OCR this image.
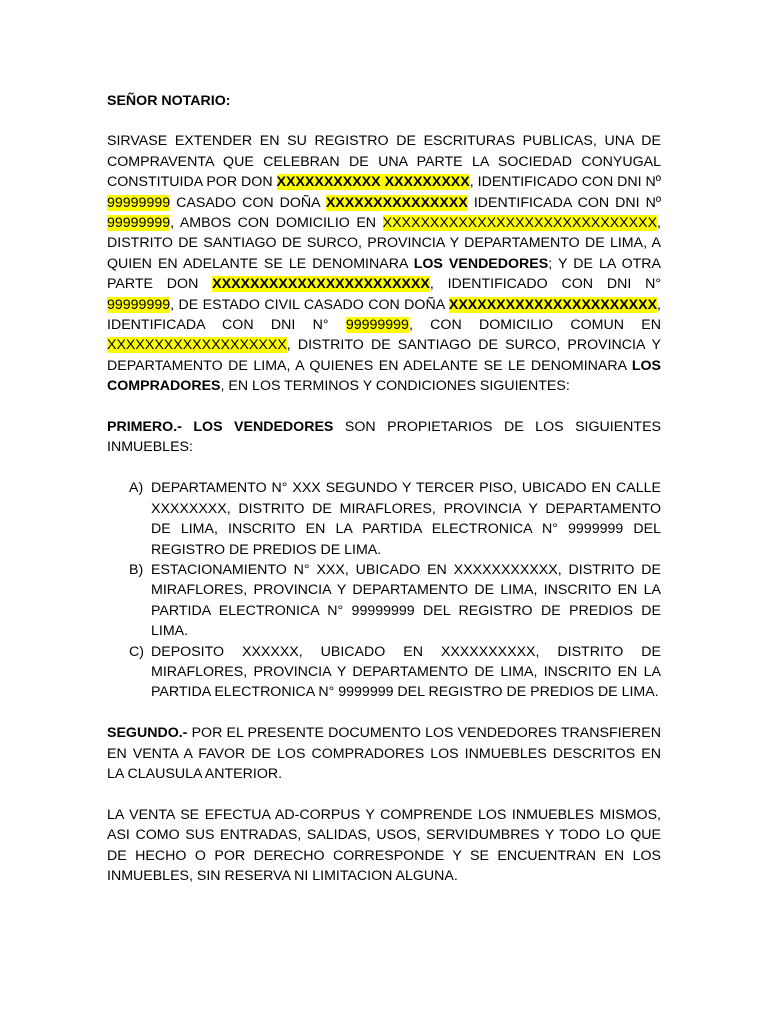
SEÑOR NOTARIO:

SIRVASE EXTENDER EN SU REGISTRO DE ESCRITURAS PUBLICAS, UNA DE COMPRAVENTA QUE CELEBRAN DE UNA PARTE LA SOCIEDAD CONYUGAL CONSTITUIDA POR DON XXXXXXXXXXX XXXXXXXXX, IDENTIFICADO CON DNI Nº 99999999 CASADO CON DOÑA XXXXXXXXXXXXXXX IDENTIFICADA CON DNI Nº 99999999, AMBOS CON DOMICILIO EN XXXXXXXXXXXXXXXXXXXXXXXXXXXXX, DISTRITO DE SANTIAGO DE SURCO, PROVINCIA Y DEPARTAMENTO DE LIMA, A QUIEN EN ADELANTE SE LE DENOMINARA LOS VENDEDORES; Y DE LA OTRA PARTE DON XXXXXXXXXXXXXXXXXXXXXXX, IDENTIFICADO CON DNI N° 99999999, DE ESTADO CIVIL CASADO CON DOÑA XXXXXXXXXXXXXXXXXXXXXX, IDENTIFICADA CON DNI N° 99999999, CON DOMICILIO COMUN EN XXXXXXXXXXXXXXXXXXX, DISTRITO DE SANTIAGO DE SURCO, PROVINCIA Y DEPARTAMENTO DE LIMA, A QUIENES EN ADELANTE SE LE DENOMINARA LOS COMPRADORES, EN LOS TERMINOS Y CONDICIONES SIGUIENTES:

PRIMERO.- LOS VENDEDORES SON PROPIETARIOS DE LOS SIGUIENTES INMUEBLES:

A) DEPARTAMENTO N° XXX SEGUNDO Y TERCER PISO, UBICADO EN CALLE XXXXXXXX, DISTRITO DE MIRAFLORES, PROVINCIA Y DEPARTAMENTO DE LIMA, INSCRITO EN LA PARTIDA ELECTRONICA N° 9999999 DEL REGISTRO DE PREDIOS DE LIMA.
B) ESTACIONAMIENTO N° XXX, UBICADO EN XXXXXXXXXXX, DISTRITO DE MIRAFLORES, PROVINCIA Y DEPARTAMENTO DE LIMA, INSCRITO EN LA PARTIDA ELECTRONICA N° 99999999 DEL REGISTRO DE PREDIOS DE LIMA.
C) DEPOSITO XXXXXX, UBICADO EN XXXXXXXXXX, DISTRITO DE MIRAFLORES, PROVINCIA Y DEPARTAMENTO DE LIMA, INSCRITO EN LA PARTIDA ELECTRONICA N° 9999999 DEL REGISTRO DE PREDIOS DE LIMA.

SEGUNDO.- POR EL PRESENTE DOCUMENTO LOS VENDEDORES TRANSFIEREN EN VENTA A FAVOR DE LOS COMPRADORES LOS INMUEBLES DESCRITOS EN LA CLAUSULA ANTERIOR.

LA VENTA SE EFECTUA AD-CORPUS Y COMPRENDE LOS INMUEBLES MISMOS, ASI COMO SUS ENTRADAS, SALIDAS, USOS, SERVIDUMBRES Y TODO LO QUE DE HECHO O POR DERECHO CORRESPONDE Y SE ENCUENTRAN EN LOS INMUEBLES, SIN RESERVA NI LIMITACION ALGUNA.
